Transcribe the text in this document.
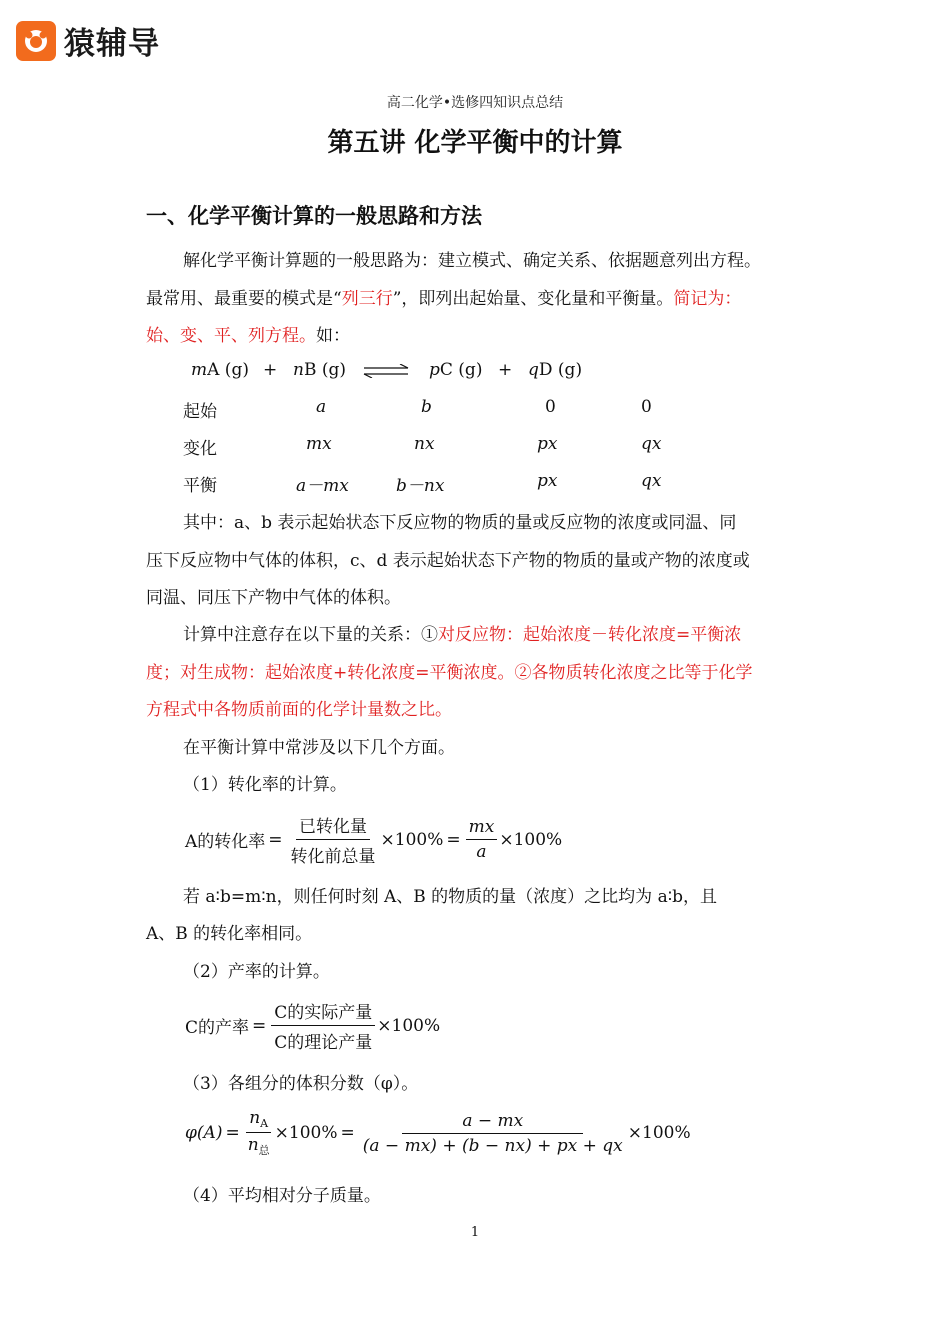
猿辅导
高二化学•选修四知识点总结
第五讲 化学平衡中的计算
一、化学平衡计算的一般思路和方法
解化学平衡计算题的一般思路为：建立模式、确定关系、依据题意列出方程。
最常用、最重要的模式是“列三行”，即列出起始量、变化量和平衡量。简记为：
始、变、平、列方程。如：
mA (g) + nB (g) ⇌ pC (g) + qD (g)
起始	a	b	0	0
变化	mx	nx	px	qx
平衡	a－mx	b－nx	px	qx
其中：a、b 表示起始状态下反应物的物质的量或反应物的浓度或同温、同
压下反应物中气体的体积，c、d 表示起始状态下产物的物质的量或产物的浓度或
同温、同压下产物中气体的体积。
计算中注意存在以下量的关系：①对反应物：起始浓度－转化浓度=平衡浓
度；对生成物：起始浓度+转化浓度=平衡浓度。②各物质转化浓度之比等于化学
方程式中各物质前面的化学计量数之比。
在平衡计算中常涉及以下几个方面。
（1）转化率的计算。
A的转化率 = $\frac{\text{已转化量}}{\text{转化前总量}} \times 100\% = \frac{mx}{a} \times 100\%$
若 a∶b=m∶n，则任何时刻 A、B 的物质的量（浓度）之比均为 a∶b，且
A、B 的转化率相同。
（2）产率的计算。
C的产率 = $\frac{\text{C的实际产量}}{\text{C的理论产量}} \times 100\%$
（3）各组分的体积分数（φ）。
$\varphi(A) = \frac{n_A}{n_总} \times 100\% = \frac{a - mx}{(a - mx) + (b - nx) + px + qx} \times 100\%$
（4）平均相对分子质量。
1
